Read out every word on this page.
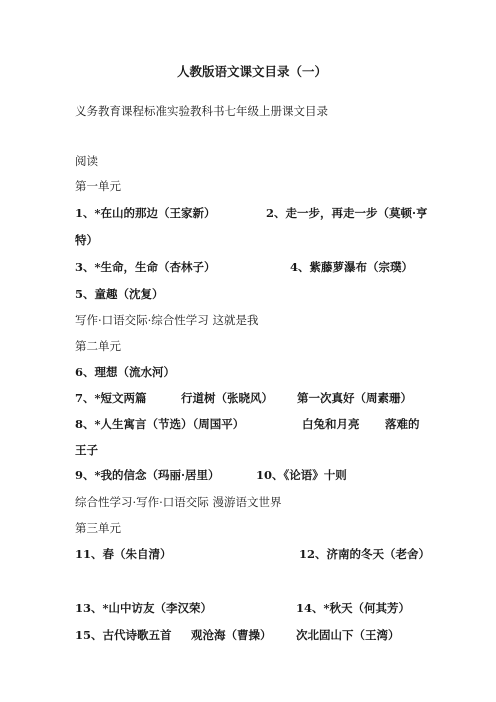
人教版语文课文目录（一）
义务教育课程标准实验教科书七年级上册课文目录
阅读
第一单元
1、*在山的那边（王家新）	2、走一步，再走一步（莫顿·亨
特）
3、*生命，生命（杏林子）	4、紫藤萝瀑布（宗璞）
5、童趣（沈复）
写作·口语交际·综合性学习 这就是我
第二单元
6、理想（流水河）
7、*短文两篇	行道树（张晓风） 第一次真好（周素珊）
8、*人生寓言（节选）（周国平）	白兔和月亮 落难的
王子
9、*我的信念（玛丽·居里）	10、《论语》十则
综合性学习·写作·口语交际 漫游语文世界
第三单元
11、春（朱自清）	12、济南的冬天（老舍）
13、*山中访友（李汉荣）	14、*秋天（何其芳）
15、古代诗歌五首 观沧海（曹操） 次北固山下（王湾）
